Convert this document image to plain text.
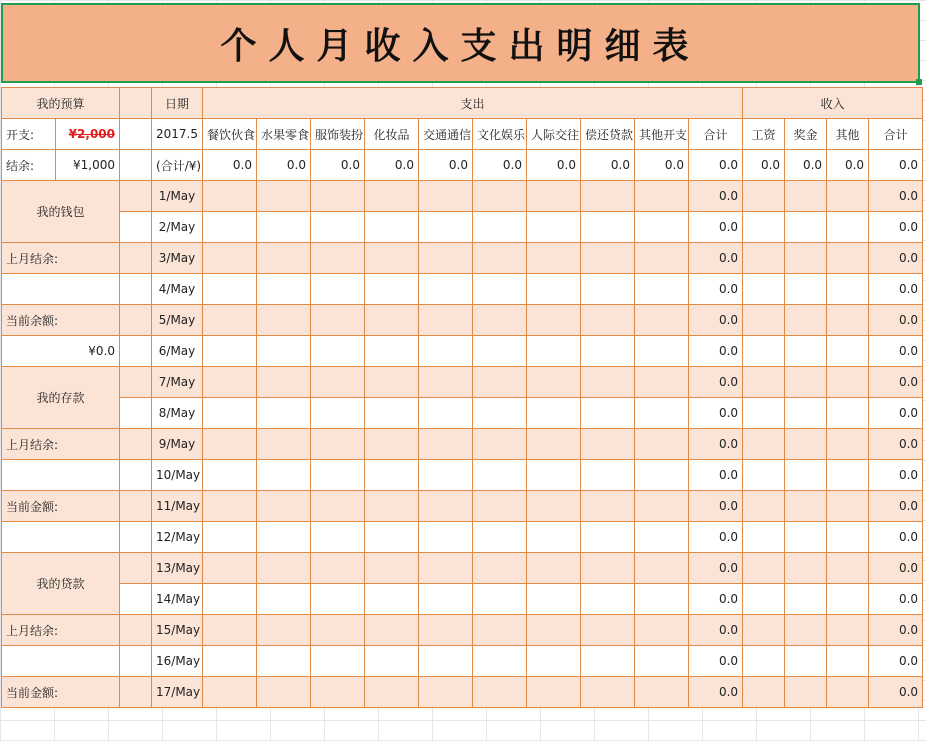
个人月收入支出明细表
我的预算			日期	支出										收入			
开支:	¥2,000		2017.5	餐饮伙食	水果零食	服饰装扮	化妆品	交通通信	文化娱乐	人际交往	偿还贷款	其他开支	合计	工资	奖金	其他	合计
结余:	¥1,000		(合计/¥)	0.0	0.0	0.0	0.0	0.0	0.0	0.0	0.0	0.0	0.0	0.0	0.0	0.0	0.0
我的钱包			1/May										0.0				0.0
			2/May										0.0				0.0
上月结余:			3/May										0.0				0.0
			4/May										0.0				0.0
当前余额:			5/May										0.0				0.0
¥0.0			6/May										0.0				0.0
我的存款			7/May										0.0				0.0
			8/May										0.0				0.0
上月结余:			9/May										0.0				0.0
			10/May										0.0				0.0
当前金额:			11/May										0.0				0.0
			12/May										0.0				0.0
我的贷款			13/May										0.0				0.0
			14/May										0.0				0.0
上月结余:			15/May										0.0				0.0
			16/May										0.0				0.0
当前金额:			17/May										0.0				0.0
